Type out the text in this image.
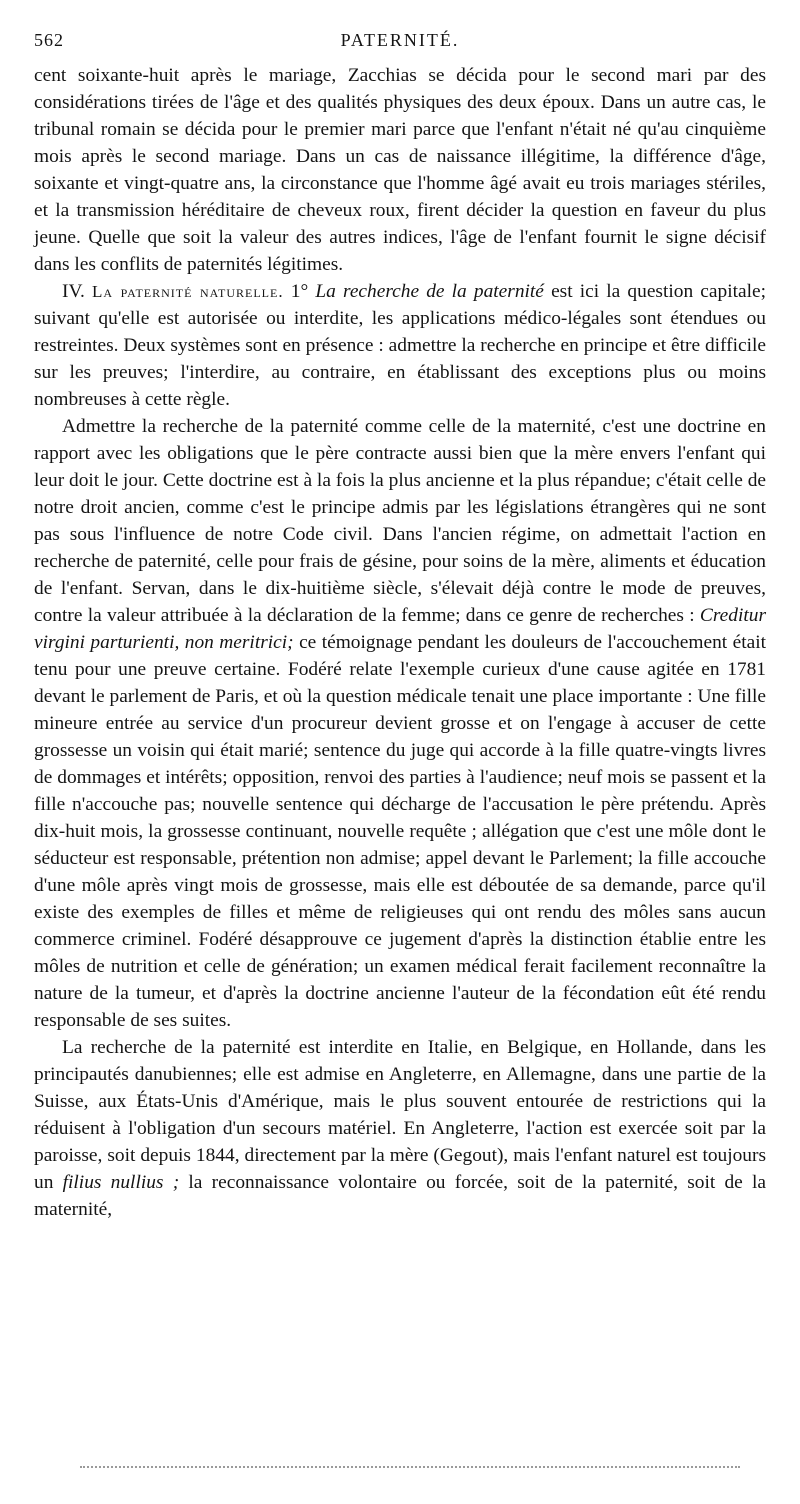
562	PATERNITÉ.

cent soixante-huit après le mariage, Zacchias se décida pour le second mari par des considérations tirées de l'âge et des qualités physiques des deux époux. Dans un autre cas, le tribunal romain se décida pour le premier mari parce que l'enfant n'était né qu'au cinquième mois après le second mariage. Dans un cas de naissance illégitime, la différence d'âge, soixante et vingt-quatre ans, la circonstance que l'homme âgé avait eu trois mariages stériles, et la transmission héréditaire de cheveux roux, firent décider la question en faveur du plus jeune. Quelle que soit la valeur des autres indices, l'âge de l'enfant fournit le signe décisif dans les conflits de paternités légitimes.

IV. La paternité naturelle. 1° La recherche de la paternité est ici la question capitale; suivant qu'elle est autorisée ou interdite, les applications médico-légales sont étendues ou restreintes. Deux systèmes sont en présence : admettre la recherche en principe et être difficile sur les preuves; l'interdire, au contraire, en établissant des exceptions plus ou moins nombreuses à cette règle.

Admettre la recherche de la paternité comme celle de la maternité, c'est une doctrine en rapport avec les obligations que le père contracte aussi bien que la mère envers l'enfant qui leur doit le jour. Cette doctrine est à la fois la plus ancienne et la plus répandue; c'était celle de notre droit ancien, comme c'est le principe admis par les législations étrangères qui ne sont pas sous l'influence de notre Code civil. Dans l'ancien régime, on admettait l'action en recherche de paternité, celle pour frais de gésine, pour soins de la mère, aliments et éducation de l'enfant. Servan, dans le dix-huitième siècle, s'élevait déjà contre le mode de preuves, contre la valeur attribuée à la déclaration de la femme; dans ce genre de recherches : Creditur virgini parturienti, non meritrici; ce témoignage pendant les douleurs de l'accouchement était tenu pour une preuve certaine. Fodéré relate l'exemple curieux d'une cause agitée en 1781 devant le parlement de Paris, et où la question médicale tenait une place importante : Une fille mineure entrée au service d'un procureur devient grosse et on l'engage à accuser de cette grossesse un voisin qui était marié; sentence du juge qui accorde à la fille quatre-vingts livres de dommages et intérêts; opposition, renvoi des parties à l'audience; neuf mois se passent et la fille n'accouche pas; nouvelle sentence qui décharge de l'accusation le père prétendu. Après dix-huit mois, la grossesse continuant, nouvelle requête ; allégation que c'est une môle dont le séducteur est responsable, prétention non admise; appel devant le Parlement; la fille accouche d'une môle après vingt mois de grossesse, mais elle est déboutée de sa demande, parce qu'il existe des exemples de filles et même de religieuses qui ont rendu des môles sans aucun commerce criminel. Fodéré désapprouve ce jugement d'après la distinction établie entre les môles de nutrition et celle de génération; un examen médical ferait facilement reconnaître la nature de la tumeur, et d'après la doctrine ancienne l'auteur de la fécondation eût été rendu responsable de ses suites.

La recherche de la paternité est interdite en Italie, en Belgique, en Hollande, dans les principautés danubiennes; elle est admise en Angleterre, en Allemagne, dans une partie de la Suisse, aux États-Unis d'Amérique, mais le plus souvent entourée de restrictions qui la réduisent à l'obligation d'un secours matériel. En Angleterre, l'action est exercée soit par la paroisse, soit depuis 1844, directement par la mère (Gegout), mais l'enfant naturel est toujours un filius nullius ; la reconnaissance volontaire ou forcée, soit de la paternité, soit de la maternité,
